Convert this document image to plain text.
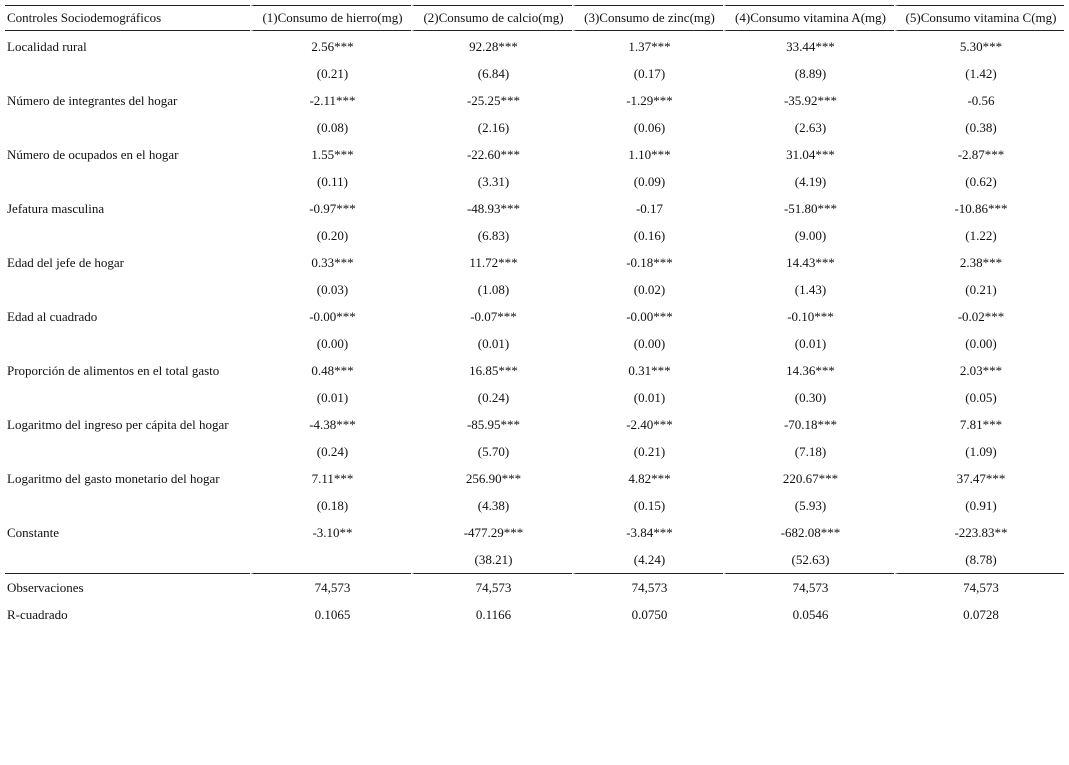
Controles Sociodemográficos	(1)Consumo de hierro(mg)	(2)Consumo de calcio(mg)	(3)Consumo de zinc(mg)	(4)Consumo vitamina A(mg)	(5)Consumo vitamina C(mg)
Localidad rural	2.56***	92.28***	1.37***	33.44***	5.30***
	(0.21)	(6.84)	(0.17)	(8.89)	(1.42)
Número de integrantes del hogar	-2.11***	-25.25***	-1.29***	-35.92***	-0.56
	(0.08)	(2.16)	(0.06)	(2.63)	(0.38)
Número de ocupados en el hogar	1.55***	-22.60***	1.10***	31.04***	-2.87***
	(0.11)	(3.31)	(0.09)	(4.19)	(0.62)
Jefatura masculina	-0.97***	-48.93***	-0.17	-51.80***	-10.86***
	(0.20)	(6.83)	(0.16)	(9.00)	(1.22)
Edad del jefe de hogar	0.33***	11.72***	-0.18***	14.43***	2.38***
	(0.03)	(1.08)	(0.02)	(1.43)	(0.21)
Edad al cuadrado	-0.00***	-0.07***	-0.00***	-0.10***	-0.02***
	(0.00)	(0.01)	(0.00)	(0.01)	(0.00)
Proporción de alimentos en el total gasto	0.48***	16.85***	0.31***	14.36***	2.03***
	(0.01)	(0.24)	(0.01)	(0.30)	(0.05)
Logaritmo del ingreso per cápita del hogar	-4.38***	-85.95***	-2.40***	-70.18***	7.81***
	(0.24)	(5.70)	(0.21)	(7.18)	(1.09)
Logaritmo del gasto monetario del hogar	7.11***	256.90***	4.82***	220.67***	37.47***
	(0.18)	(4.38)	(0.15)	(5.93)	(0.91)
Constante	-3.10**	-477.29***	-3.84***	-682.08***	-223.83**
		(38.21)	(4.24)	(52.63)	(8.78)
Observaciones	74,573	74,573	74,573	74,573	74,573
R-cuadrado	0.1065	0.1166	0.0750	0.0546	0.0728
